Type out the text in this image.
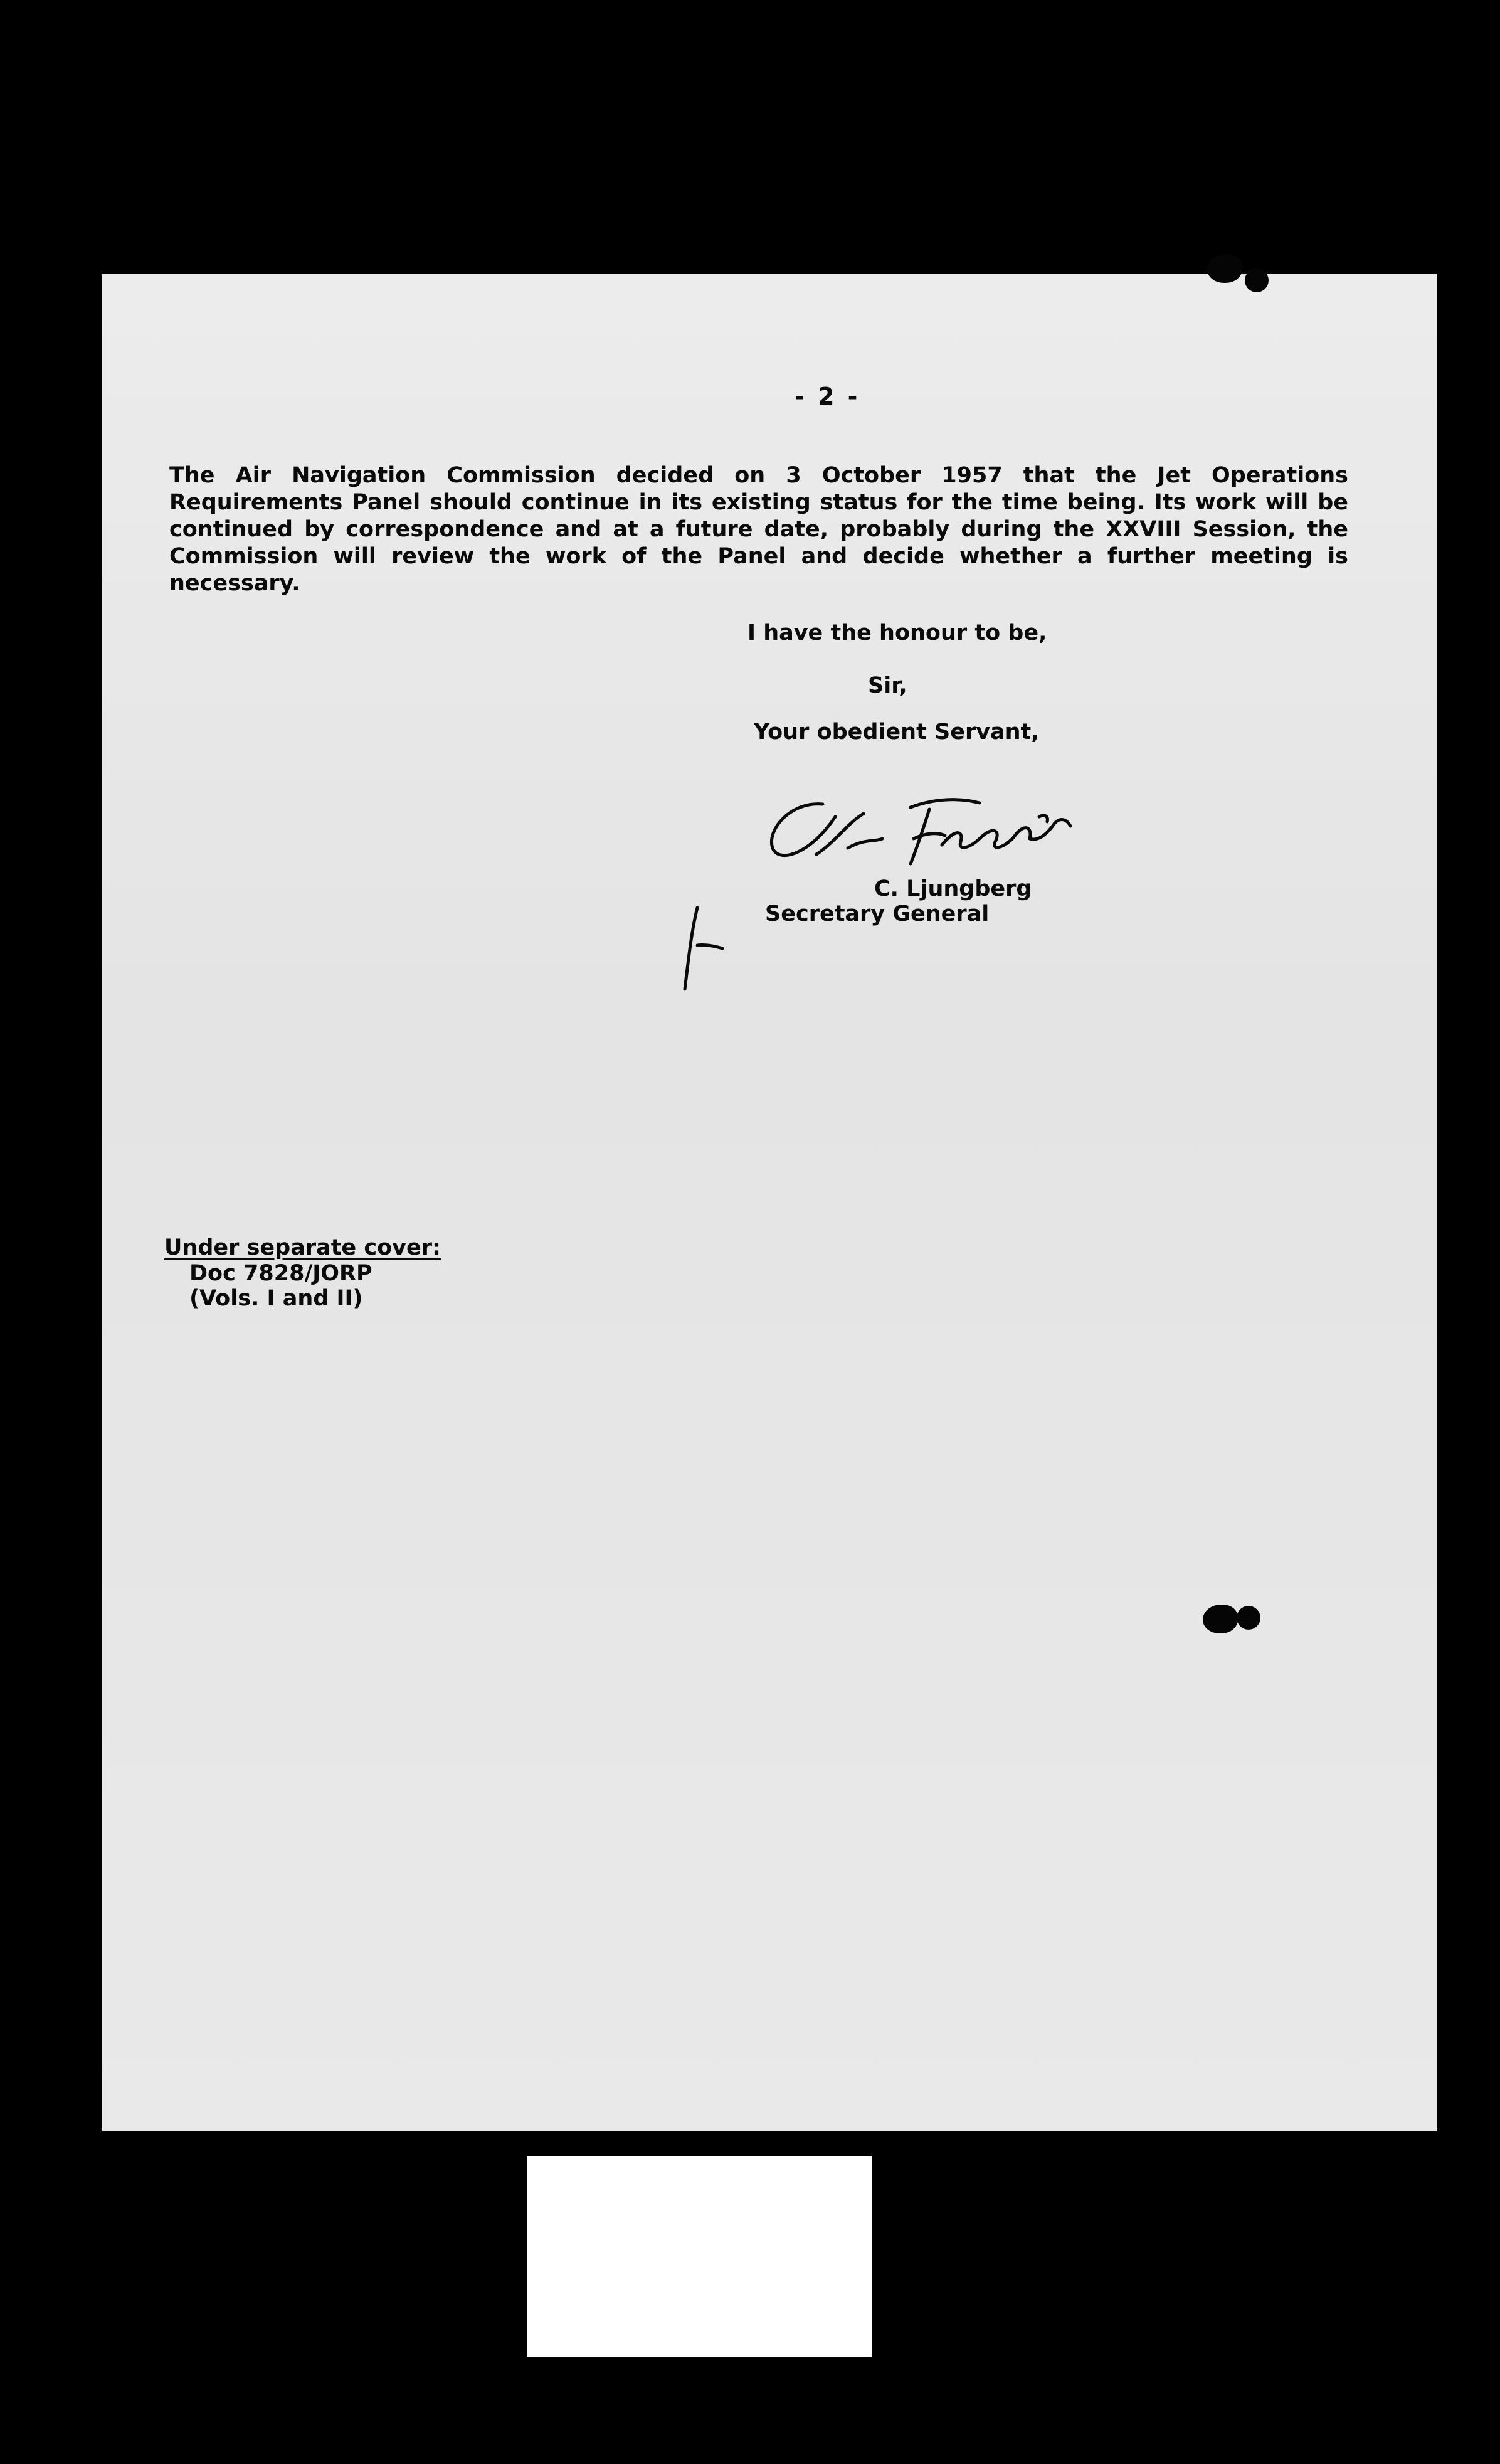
- 2 -
The Air Navigation Commission decided on 3 October 1957 that the Jet Operations Requirements Panel should continue in its existing status for the time being. Its work will be continued by correspondence and at a future date, probably during the XXVIII Session, the Commission will review the work of the Panel and decide whether a further meeting is necessary.
I have the honour to be,
Sir,
Your obedient Servant,
C. Ljungberg
Secretary General
Under separate cover:
Doc 7828/JORP
(Vols. I and II)
